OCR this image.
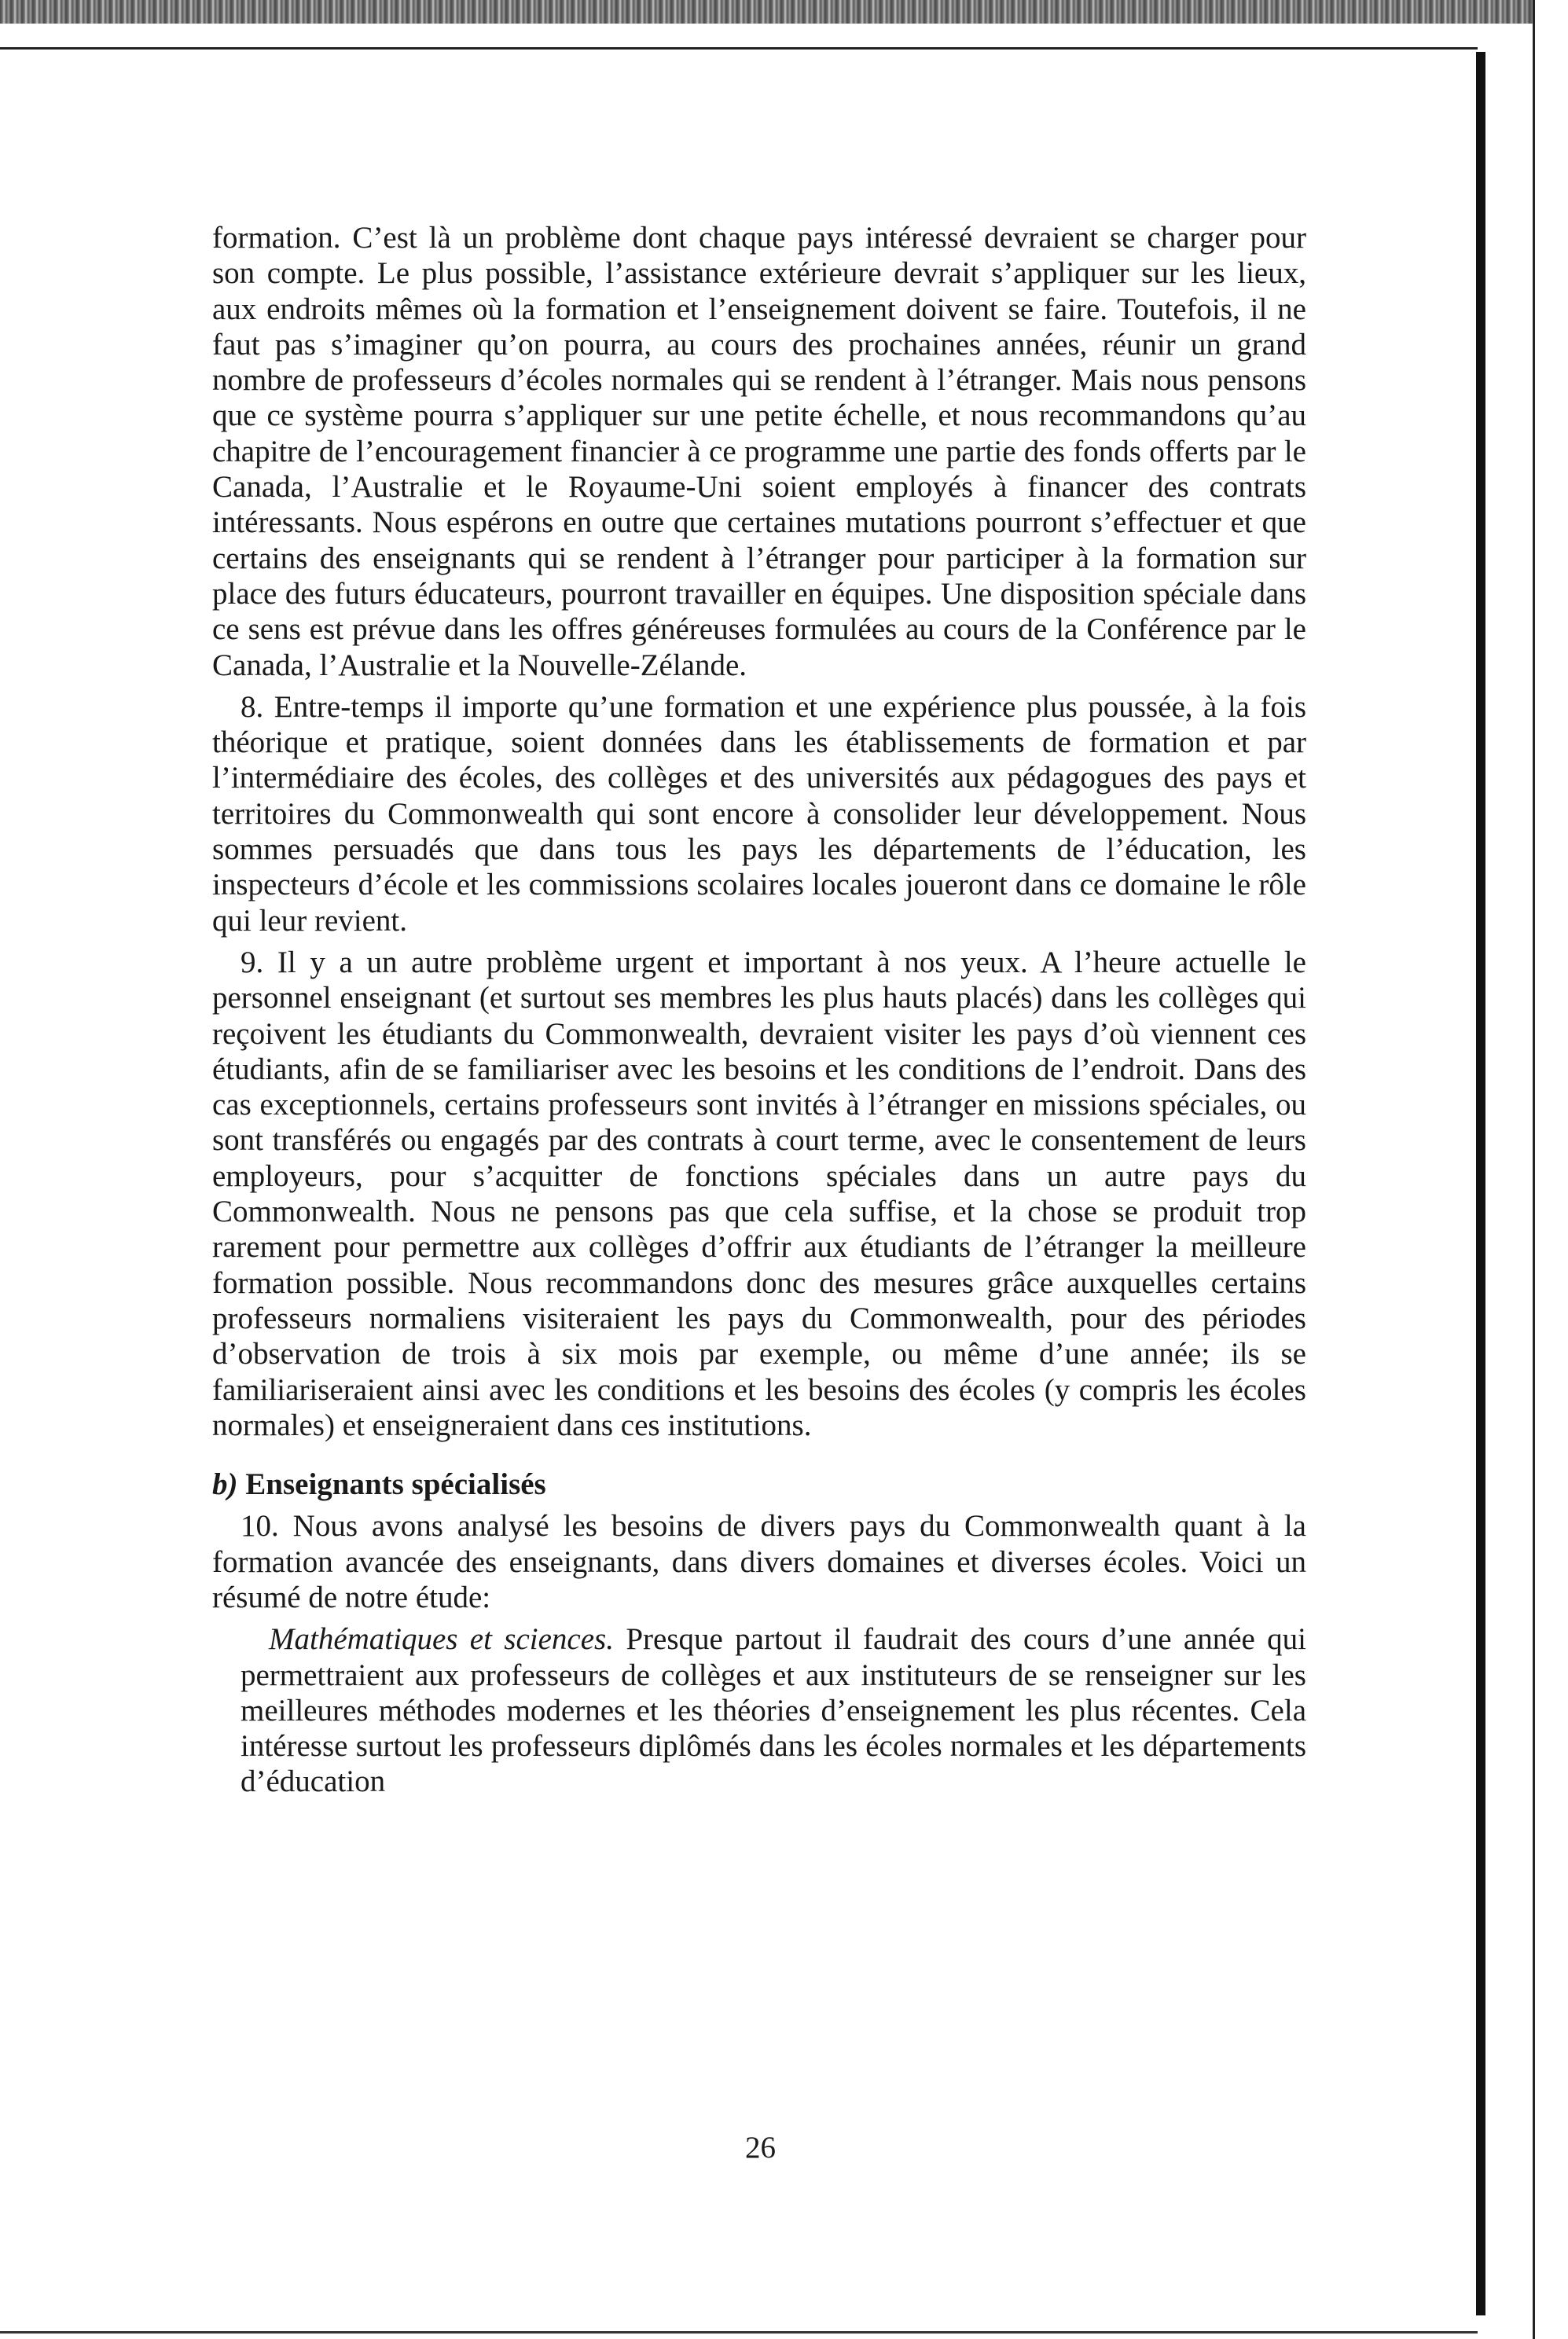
formation. C’est là un problème dont chaque pays intéressé devraient se charger pour son compte. Le plus possible, l’assistance extérieure devrait s’appliquer sur les lieux, aux endroits mêmes où la formation et l’enseignement doivent se faire. Toutefois, il ne faut pas s’imaginer qu’on pourra, au cours des prochaines années, réunir un grand nombre de professeurs d’écoles normales qui se rendent à l’étranger. Mais nous pensons que ce système pourra s’appliquer sur une petite échelle, et nous recommandons qu’au chapitre de l’encouragement financier à ce programme une partie des fonds offerts par le Canada, l’Australie et le Royaume-Uni soient employés à financer des contrats intéressants. Nous espérons en outre que certaines mutations pourront s’effectuer et que certains des enseignants qui se rendent à l’étranger pour participer à la formation sur place des futurs éducateurs, pourront travailler en équipes. Une disposition spéciale dans ce sens est prévue dans les offres généreuses formulées au cours de la Conférence par le Canada, l’Australie et la Nouvelle-Zélande.

8. Entre-temps il importe qu’une formation et une expérience plus poussée, à la fois théorique et pratique, soient données dans les établissements de formation et par l’intermédiaire des écoles, des collèges et des universités aux pédagogues des pays et territoires du Commonwealth qui sont encore à consolider leur développement. Nous sommes persuadés que dans tous les pays les départements de l’éducation, les inspecteurs d’école et les commissions scolaires locales joueront dans ce domaine le rôle qui leur revient.

9. Il y a un autre problème urgent et important à nos yeux. A l’heure actuelle le personnel enseignant (et surtout ses membres les plus hauts placés) dans les collèges qui reçoivent les étudiants du Commonwealth, devraient visiter les pays d’où viennent ces étudiants, afin de se familiariser avec les besoins et les conditions de l’endroit. Dans des cas exceptionnels, certains professeurs sont invités à l’étranger en missions spéciales, ou sont transférés ou engagés par des contrats à court terme, avec le consentement de leurs employeurs, pour s’acquitter de fonctions spéciales dans un autre pays du Commonwealth. Nous ne pensons pas que cela suffise, et la chose se produit trop rarement pour permettre aux collèges d’offrir aux étudiants de l’étranger la meilleure formation possible. Nous recommandons donc des mesures grâce auxquelles certains professeurs normaliens visiteraient les pays du Commonwealth, pour des périodes d’observation de trois à six mois par exemple, ou même d’une année; ils se familiariseraient ainsi avec les conditions et les besoins des écoles (y compris les écoles normales) et enseigneraient dans ces institutions.

b) Enseignants spécialisés

10. Nous avons analysé les besoins de divers pays du Commonwealth quant à la formation avancée des enseignants, dans divers domaines et diverses écoles. Voici un résumé de notre étude:

Mathématiques et sciences. Presque partout il faudrait des cours d’une année qui permettraient aux professeurs de collèges et aux instituteurs de se renseigner sur les meilleures méthodes modernes et les théories d’enseignement les plus récentes. Cela intéresse surtout les professeurs diplômés dans les écoles normales et les départements d’éducation

26
